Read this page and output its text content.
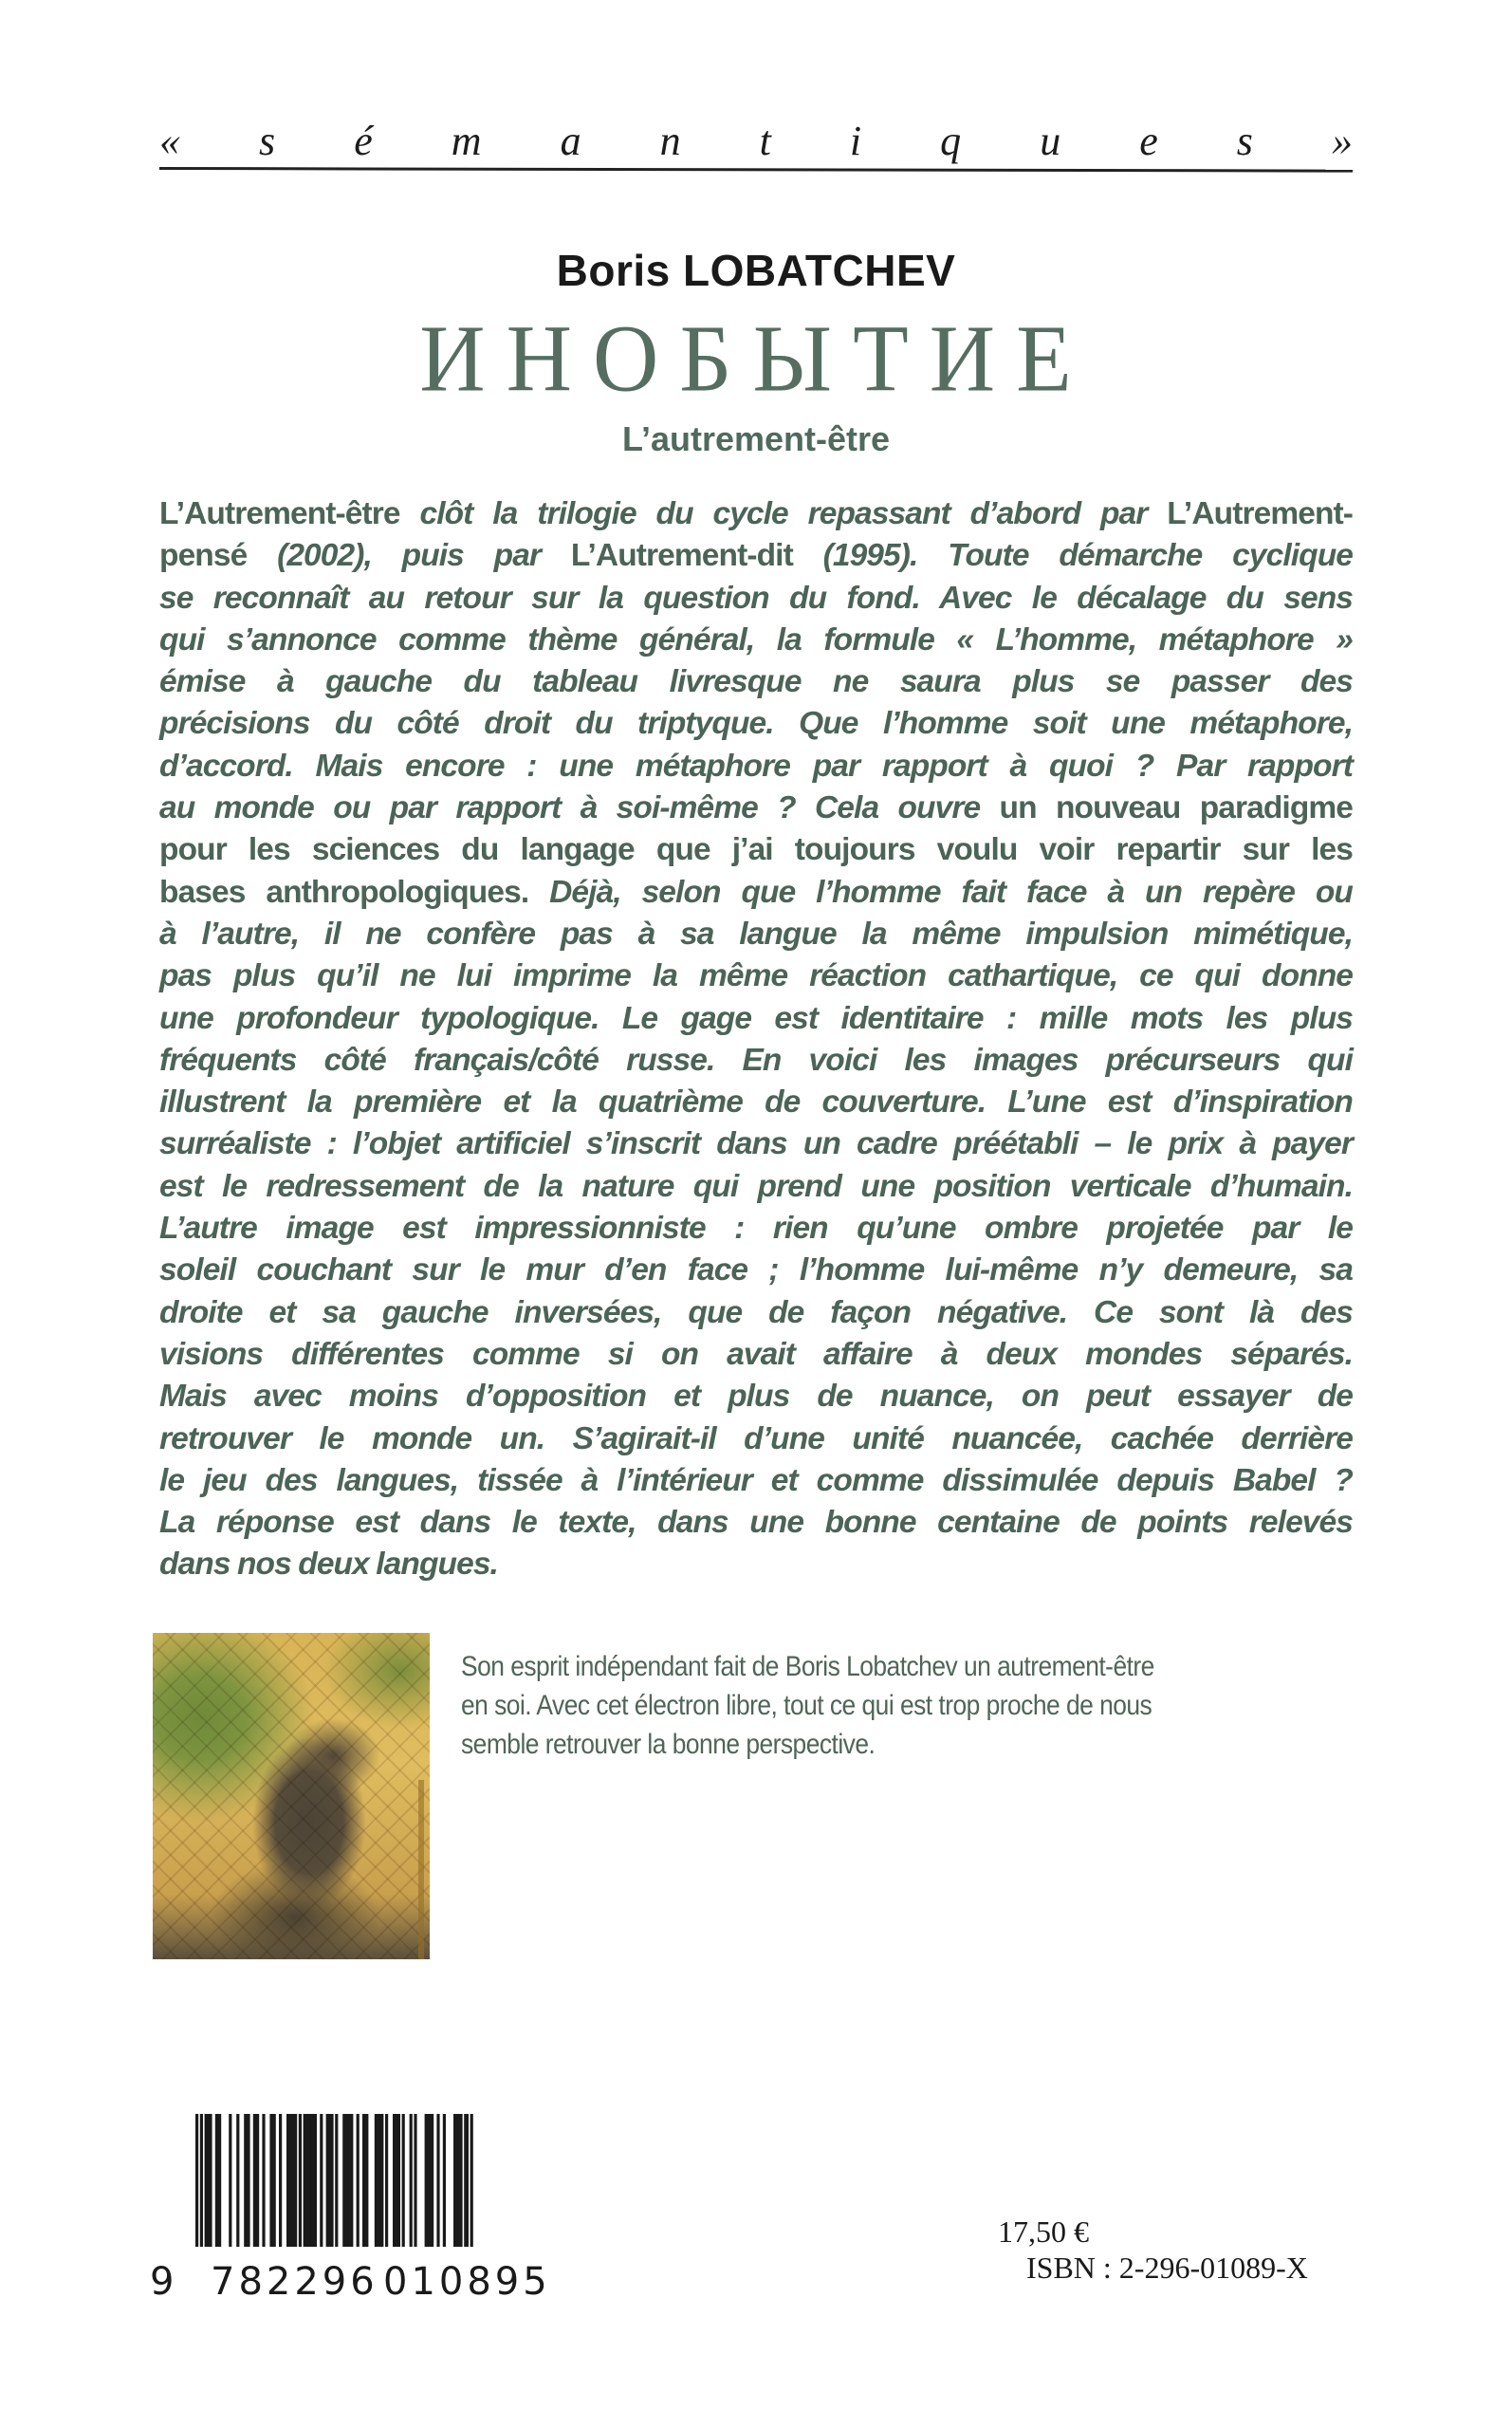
« s é m a n t i q u e s »
Boris LOBATCHEV
ИНОБЫТИЕ
L’autrement-être
L’Autrement-être clôt la trilogie du cycle repassant d’abord par L’Autrement-
pensé (2002), puis par L’Autrement-dit (1995). Toute démarche cyclique
se reconnaît au retour sur la question du fond. Avec le décalage du sens
qui s’annonce comme thème général, la formule « L’homme, métaphore »
émise à gauche du tableau livresque ne saura plus se passer des
précisions du côté droit du triptyque. Que l’homme soit une métaphore,
d’accord. Mais encore : une métaphore par rapport à quoi ? Par rapport
au monde ou par rapport à soi-même ? Cela ouvre un nouveau paradigme
pour les sciences du langage que j’ai toujours voulu voir repartir sur les
bases anthropologiques. Déjà, selon que l’homme fait face à un repère ou
à l’autre, il ne confère pas à sa langue la même impulsion mimétique,
pas plus qu’il ne lui imprime la même réaction cathartique, ce qui donne
une profondeur typologique. Le gage est identitaire : mille mots les plus
fréquents côté français/côté russe. En voici les images précurseurs qui
illustrent la première et la quatrième de couverture. L’une est d’inspiration
surréaliste : l’objet artificiel s’inscrit dans un cadre préétabli – le prix à payer
est le redressement de la nature qui prend une position verticale d’humain.
L’autre image est impressionniste : rien qu’une ombre projetée par le
soleil couchant sur le mur d’en face ; l’homme lui-même n’y demeure, sa
droite et sa gauche inversées, que de façon négative. Ce sont là des
visions différentes comme si on avait affaire à deux mondes séparés.
Mais avec moins d’opposition et plus de nuance, on peut essayer de
retrouver le monde un. S’agirait-il d’une unité nuancée, cachée derrière
le jeu des langues, tissée à l’intérieur et comme dissimulée depuis Babel ?
La réponse est dans le texte, dans une bonne centaine de points relevés
dans nos deux langues.
Son esprit indépendant fait de Boris Lobatchev un autrement-être
en soi. Avec cet électron libre, tout ce qui est trop proche de nous
semble retrouver la bonne perspective.
9 782296 010895
17,50 €
ISBN : 2-296-01089-X
